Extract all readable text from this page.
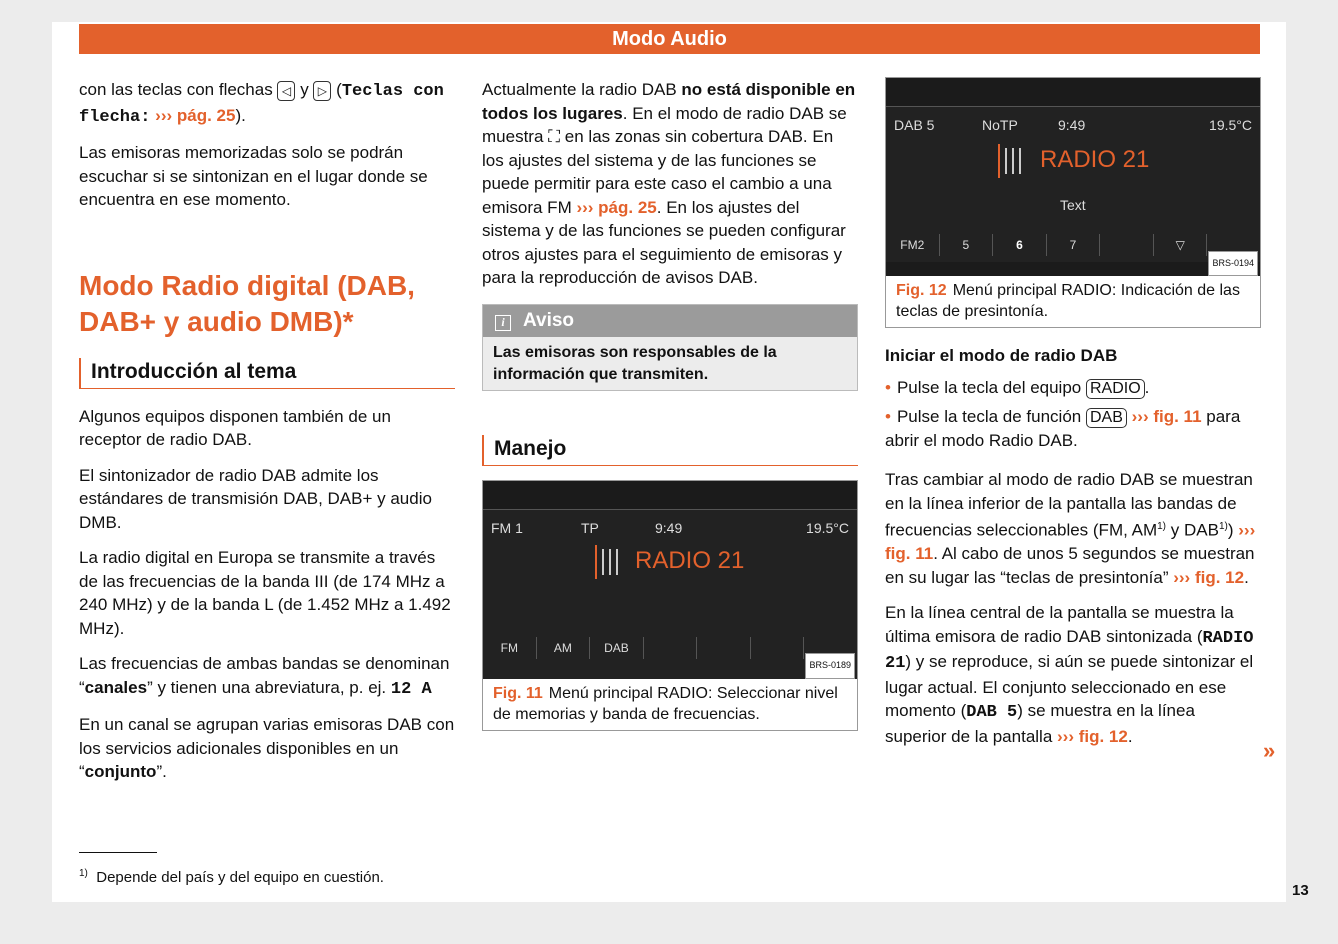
Modo Audio

con las teclas con flechas ◁ y ▷ (Teclas con flecha: ››› pág. 25).

Las emisoras memorizadas solo se podrán escuchar si se sintonizan en el lugar donde se encuentra en ese momento.

Modo Radio digital (DAB, DAB+ y audio DMB)*
Introducción al tema

Algunos equipos disponen también de un receptor de radio DAB.

El sintonizador de radio DAB admite los estándares de transmisión DAB, DAB+ y audio DMB.

La radio digital en Europa se transmite a través de las frecuencias de la banda III (de 174 MHz a 240 MHz) y de la banda L (de 1.452 MHz a 1.492 MHz).

Las frecuencias de ambas bandas se denominan “canales” y tienen una abreviatura, p. ej. 12 A

En un canal se agrupan varias emisoras DAB con los servicios adicionales disponibles en un “conjunto”.

Actualmente la radio DAB no está disponible en todos los lugares. En el modo de radio DAB se muestra ⛶ en las zonas sin cobertura DAB. En los ajustes del sistema y de las funciones se puede permitir para este caso el cambio a una emisora FM ››› pág. 25. En los ajustes del sistema y de las funciones se pueden configurar otros ajustes para el seguimiento de emisoras y para la reproducción de avisos DAB.

i Aviso
Las emisoras son responsables de la información que transmiten.
Manejo
FM 1	TP	9:49	19.5°C
RADIO 21
FM	AM	DAB
BRS-0189
Fig. 11 Menú principal RADIO: Seleccionar nivel de memorias y banda de frecuencias.
DAB 5	NoTP	9:49	19.5°C
RADIO 21
Text
FM2	5	6	7	▽
BRS-0194
Fig. 12 Menú principal RADIO: Indicación de las teclas de presintonía.
Iniciar el modo de radio DAB

• Pulse la tecla del equipo RADIO .

• Pulse la tecla de función DAB ››› fig. 11 para abrir el modo Radio DAB.

Tras cambiar al modo de radio DAB se muestran en la línea inferior de la pantalla las bandas de frecuencias seleccionables (FM, AM$^{1)}$ y DAB$^{1)}$) ››› fig. 11. Al cabo de unos 5 segundos se muestran en su lugar las “teclas de presintonía” ››› fig. 12.

En la línea central de la pantalla se muestra la última emisora de radio DAB sintonizada (RADIO 21) y se reproduce, si aún se puede sintonizar el lugar actual. El conjunto seleccionado en ese momento (DAB 5) se muestra en la línea superior de la pantalla ››› fig. 12.

»
$^{1)}$ Depende del país y del equipo en cuestión.
13
